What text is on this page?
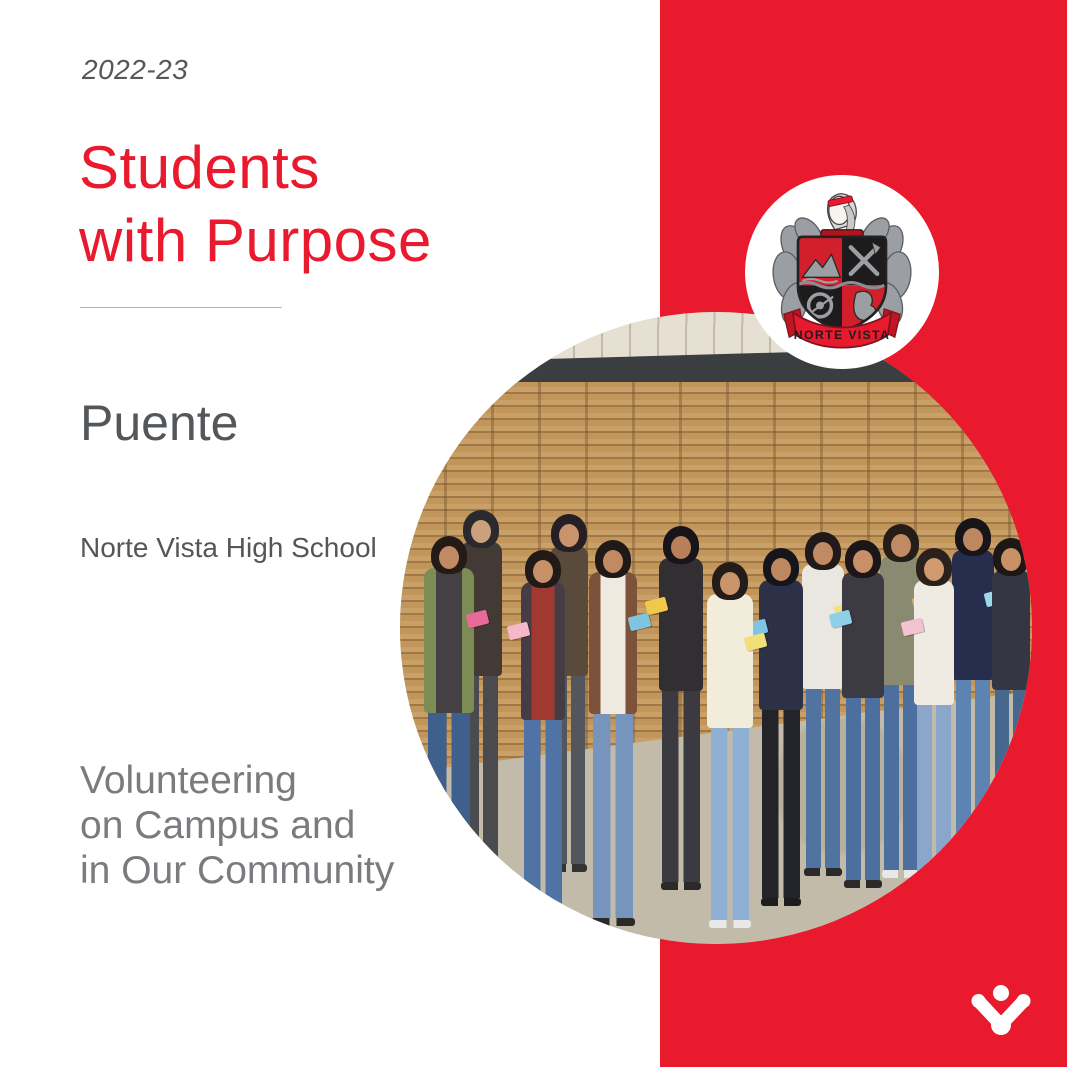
NORTE VISTA
2022-23
Students
with Purpose
Puente
Norte Vista High School
Volunteering
on Campus and
in Our Community
